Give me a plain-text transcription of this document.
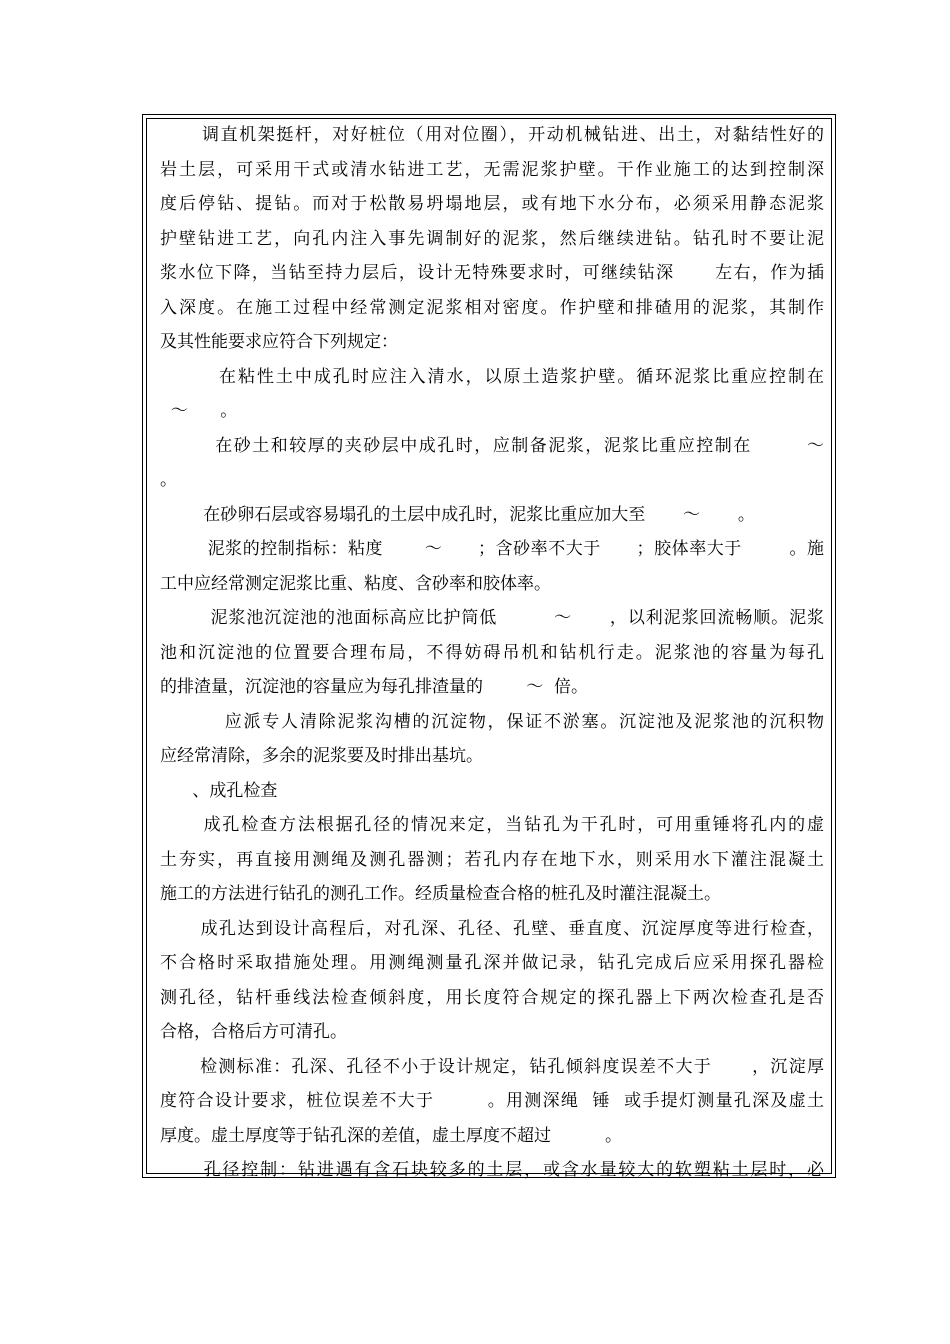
调直机架挺杆，对好桩位（用对位圈），开动机械钻进、出土，对黏结性好的
岩土层，可采用干式或清水钻进工艺，无需泥浆护壁。干作业施工的达到控制深
度后停钻、提钻。而对于松散易坍塌地层，或有地下水分布，必须采用静态泥浆
护壁钻进工艺，向孔内注入事先调制好的泥浆，然后继续进钻。钻孔时不要让泥
浆水位下降，当钻至持力层后，设计无特殊要求时，可继续钻深      左右，作为插
入深度。在施工过程中经常测定泥浆相对密度。作护壁和排碴用的泥浆，其制作
及其性能要求应符合下列规定：
在粘性土中成孔时应注入清水，以原土造浆护壁。循环泥浆比重应控制在
～      。
在砂土和较厚的夹砂层中成孔时，应制备泥浆，泥浆比重应控制在        ～
。
在砂卵石层或容易塌孔的土层中成孔时，泥浆比重应加大至       ～       。
泥浆的控制指标：粘度       ～      ；含砂率不大于      ；胶体率大于        。施
工中应经常测定泥浆比重、粘度、含砂率和胶体率。
泥浆池沉淀池的池面标高应比护筒低         ～      ，以利泥浆回流畅顺。泥浆
池和沉淀池的位置要合理布局，不得妨碍吊机和钻机行走。泥浆池的容量为每孔
的排渣量，沉淀池的容量应为每孔排渣量的        ～  倍。
应派专人清除泥浆沟槽的沉淀物，保证不淤塞。沉淀池及泥浆池的沉积物
应经常清除，多余的泥浆要及时排出基坑。
、成孔检查
成孔检查方法根据孔径的情况来定，当钻孔为干孔时，可用重锤将孔内的虚
土夯实，再直接用测绳及测孔器测；若孔内存在地下水，则采用水下灌注混凝土
施工的方法进行钻孔的测孔工作。经质量检查合格的桩孔及时灌注混凝土。
成孔达到设计高程后，对孔深、孔径、孔壁、垂直度、沉淀厚度等进行检查，
不合格时采取措施处理。用测绳测量孔深并做记录，钻孔完成后应采用探孔器检
测孔径，钻杆垂线法检查倾斜度，用长度符合规定的探孔器上下两次检查孔是否
合格，合格后方可清孔。
检测标准：孔深、孔径不小于设计规定，钻孔倾斜度误差不大于      ，沉淀厚
度符合设计要求，桩位误差不大于        。用测深绳  锤  或手提灯测量孔深及虚土
厚度。虚土厚度等于钻孔深的差值，虚土厚度不超过          。
孔径控制：钻进遇有含石块较多的土层，或含水量较大的软塑粘土层时，必
